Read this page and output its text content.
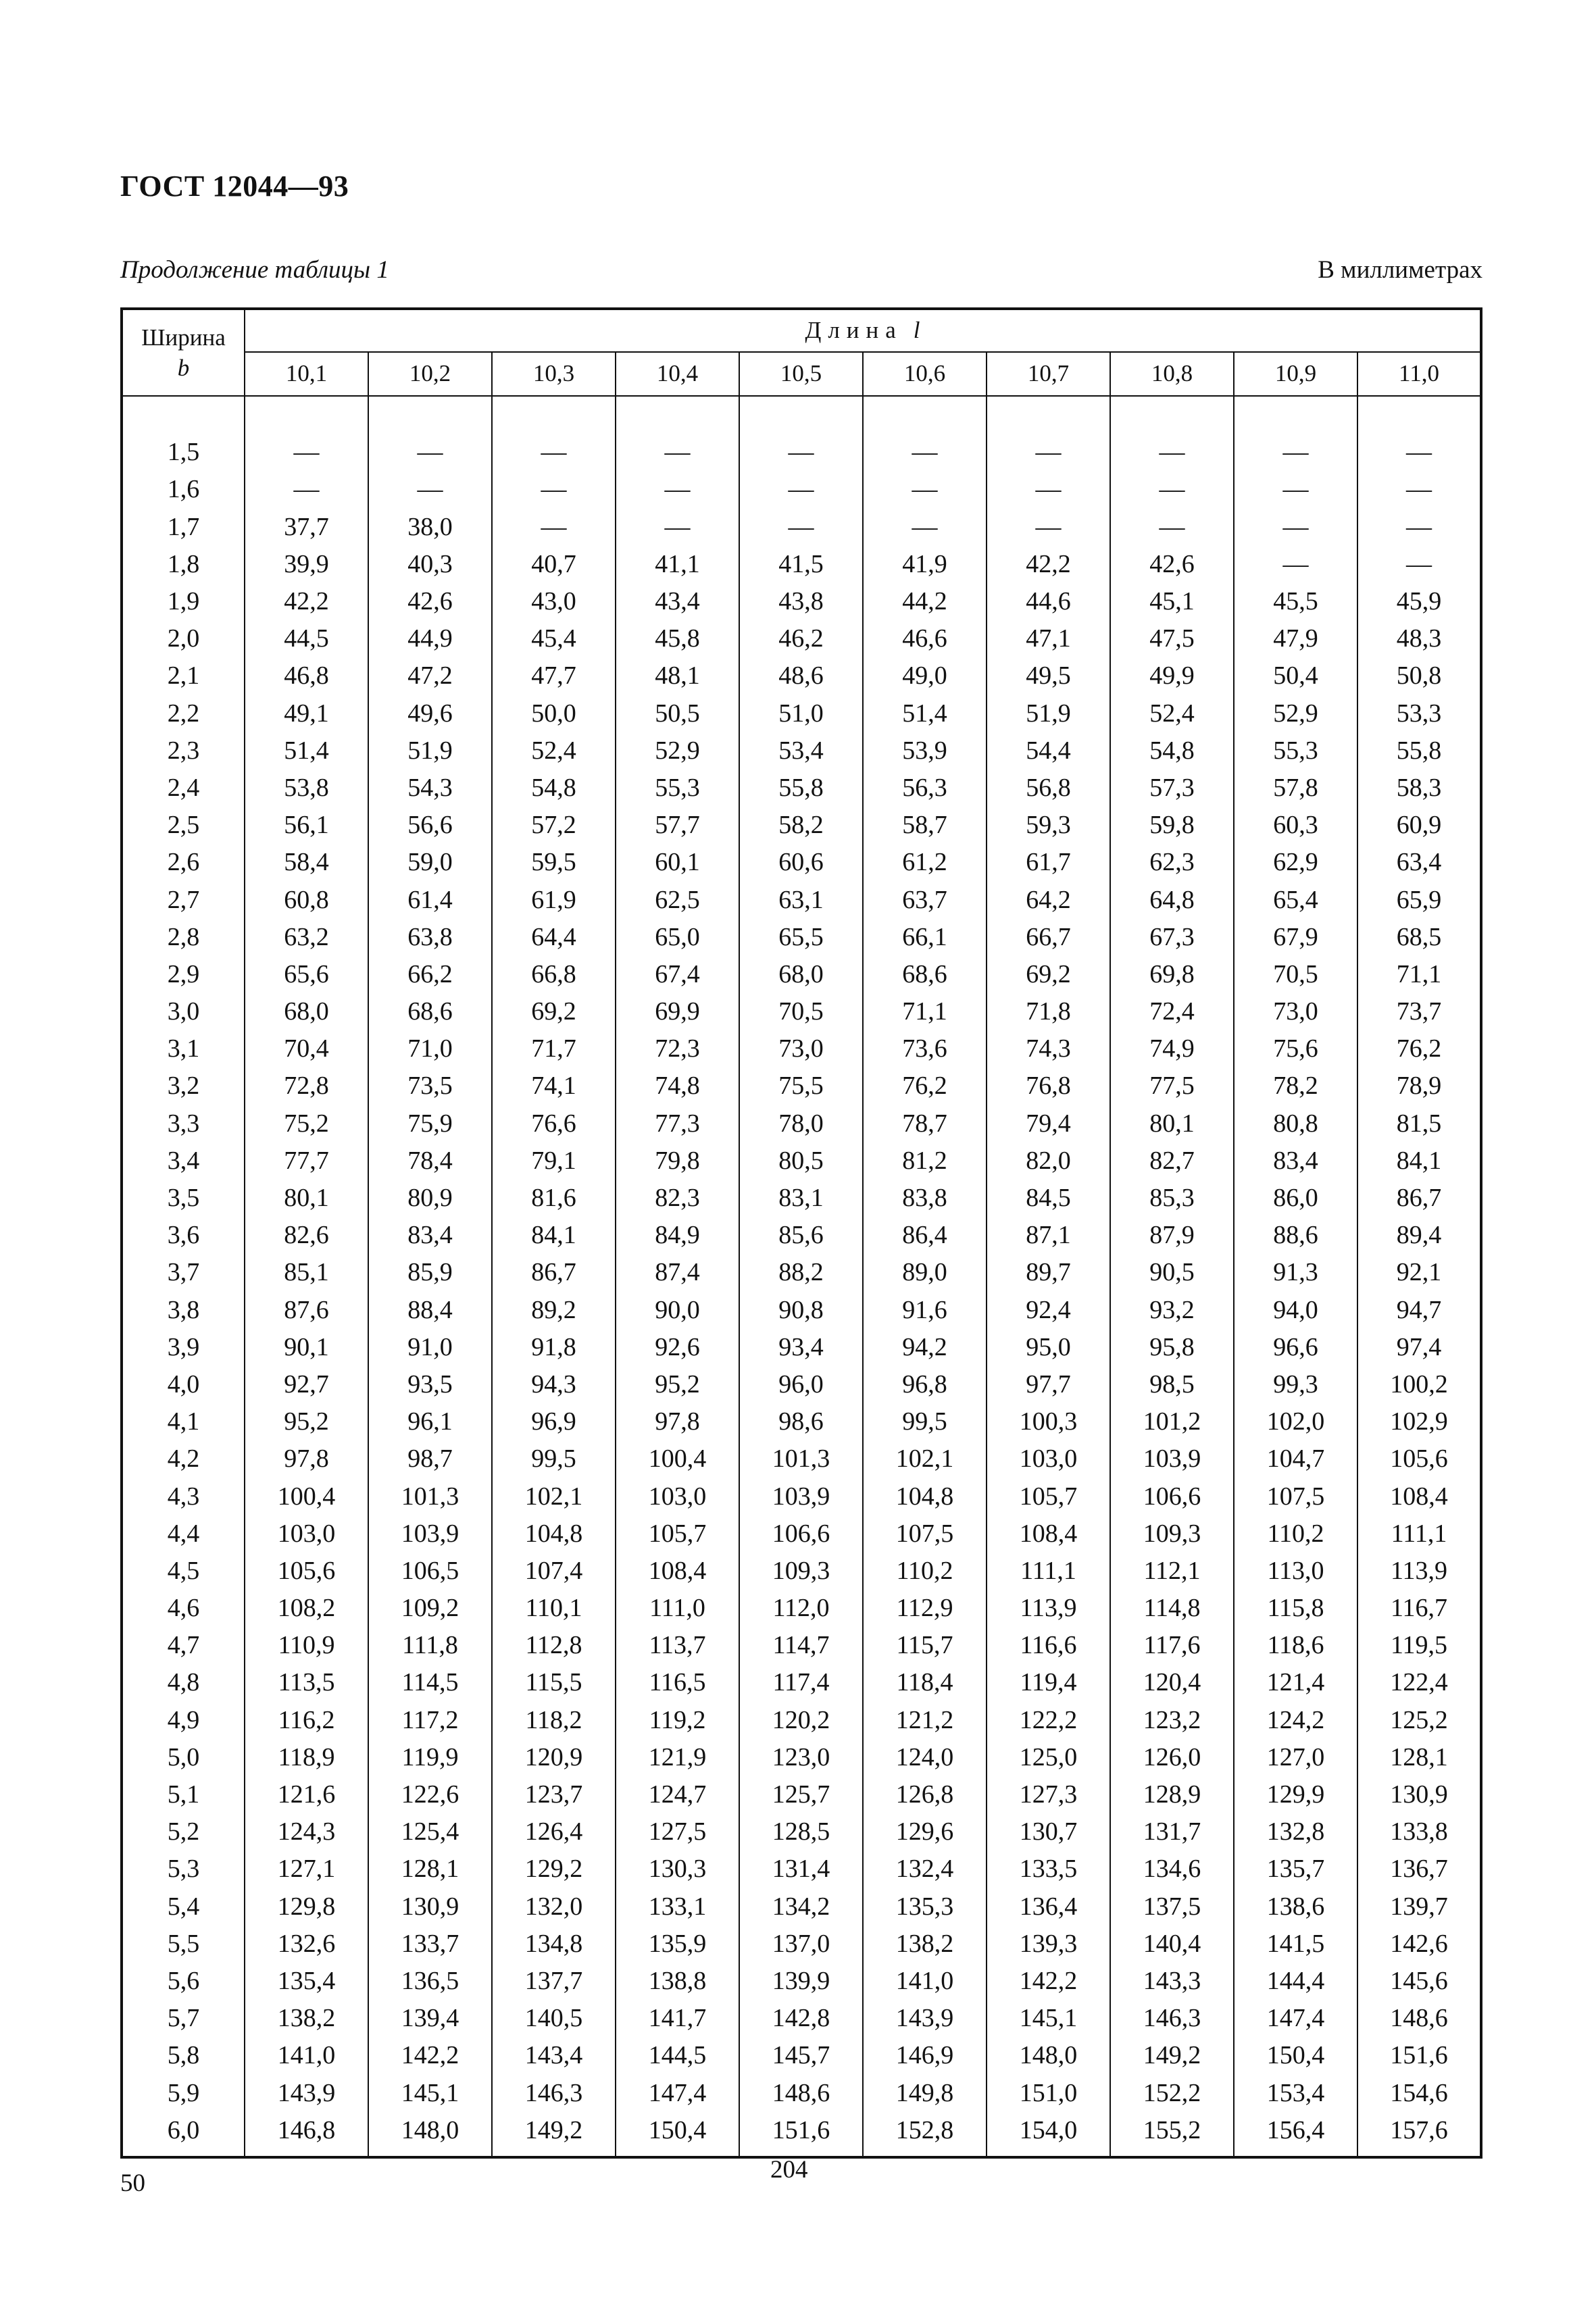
ГОСТ 12044—93
Продолжение таблицы 1	В миллиметрах
Ширина
b	Длина l									
	10,1	10,2	10,3	10,4	10,5	10,6	10,7	10,8	10,9	11,0

1,5	—	—	—	—	—	—	—	—	—	—
1,6	—	—	—	—	—	—	—	—	—	—
1,7	37,7	38,0	—	—	—	—	—	—	—	—
1,8	39,9	40,3	40,7	41,1	41,5	41,9	42,2	42,6	—	—
1,9	42,2	42,6	43,0	43,4	43,8	44,2	44,6	45,1	45,5	45,9
2,0	44,5	44,9	45,4	45,8	46,2	46,6	47,1	47,5	47,9	48,3
2,1	46,8	47,2	47,7	48,1	48,6	49,0	49,5	49,9	50,4	50,8
2,2	49,1	49,6	50,0	50,5	51,0	51,4	51,9	52,4	52,9	53,3
2,3	51,4	51,9	52,4	52,9	53,4	53,9	54,4	54,8	55,3	55,8
2,4	53,8	54,3	54,8	55,3	55,8	56,3	56,8	57,3	57,8	58,3
2,5	56,1	56,6	57,2	57,7	58,2	58,7	59,3	59,8	60,3	60,9
2,6	58,4	59,0	59,5	60,1	60,6	61,2	61,7	62,3	62,9	63,4
2,7	60,8	61,4	61,9	62,5	63,1	63,7	64,2	64,8	65,4	65,9
2,8	63,2	63,8	64,4	65,0	65,5	66,1	66,7	67,3	67,9	68,5
2,9	65,6	66,2	66,8	67,4	68,0	68,6	69,2	69,8	70,5	71,1
3,0	68,0	68,6	69,2	69,9	70,5	71,1	71,8	72,4	73,0	73,7
3,1	70,4	71,0	71,7	72,3	73,0	73,6	74,3	74,9	75,6	76,2
3,2	72,8	73,5	74,1	74,8	75,5	76,2	76,8	77,5	78,2	78,9
3,3	75,2	75,9	76,6	77,3	78,0	78,7	79,4	80,1	80,8	81,5
3,4	77,7	78,4	79,1	79,8	80,5	81,2	82,0	82,7	83,4	84,1
3,5	80,1	80,9	81,6	82,3	83,1	83,8	84,5	85,3	86,0	86,7
3,6	82,6	83,4	84,1	84,9	85,6	86,4	87,1	87,9	88,6	89,4
3,7	85,1	85,9	86,7	87,4	88,2	89,0	89,7	90,5	91,3	92,1
3,8	87,6	88,4	89,2	90,0	90,8	91,6	92,4	93,2	94,0	94,7
3,9	90,1	91,0	91,8	92,6	93,4	94,2	95,0	95,8	96,6	97,4
4,0	92,7	93,5	94,3	95,2	96,0	96,8	97,7	98,5	99,3	100,2
4,1	95,2	96,1	96,9	97,8	98,6	99,5	100,3	101,2	102,0	102,9
4,2	97,8	98,7	99,5	100,4	101,3	102,1	103,0	103,9	104,7	105,6
4,3	100,4	101,3	102,1	103,0	103,9	104,8	105,7	106,6	107,5	108,4
4,4	103,0	103,9	104,8	105,7	106,6	107,5	108,4	109,3	110,2	111,1
4,5	105,6	106,5	107,4	108,4	109,3	110,2	111,1	112,1	113,0	113,9
4,6	108,2	109,2	110,1	111,0	112,0	112,9	113,9	114,8	115,8	116,7
4,7	110,9	111,8	112,8	113,7	114,7	115,7	116,6	117,6	118,6	119,5
4,8	113,5	114,5	115,5	116,5	117,4	118,4	119,4	120,4	121,4	122,4
4,9	116,2	117,2	118,2	119,2	120,2	121,2	122,2	123,2	124,2	125,2
5,0	118,9	119,9	120,9	121,9	123,0	124,0	125,0	126,0	127,0	128,1
5,1	121,6	122,6	123,7	124,7	125,7	126,8	127,3	128,9	129,9	130,9
5,2	124,3	125,4	126,4	127,5	128,5	129,6	130,7	131,7	132,8	133,8
5,3	127,1	128,1	129,2	130,3	131,4	132,4	133,5	134,6	135,7	136,7
5,4	129,8	130,9	132,0	133,1	134,2	135,3	136,4	137,5	138,6	139,7
5,5	132,6	133,7	134,8	135,9	137,0	138,2	139,3	140,4	141,5	142,6
5,6	135,4	136,5	137,7	138,8	139,9	141,0	142,2	143,3	144,4	145,6
5,7	138,2	139,4	140,5	141,7	142,8	143,9	145,1	146,3	147,4	148,6
5,8	141,0	142,2	143,4	144,5	145,7	146,9	148,0	149,2	150,4	151,6
5,9	143,9	145,1	146,3	147,4	148,6	149,8	151,0	152,2	153,4	154,6
6,0	146,8	148,0	149,2	150,4	151,6	152,8	154,0	155,2	156,4	157,6
50	204
